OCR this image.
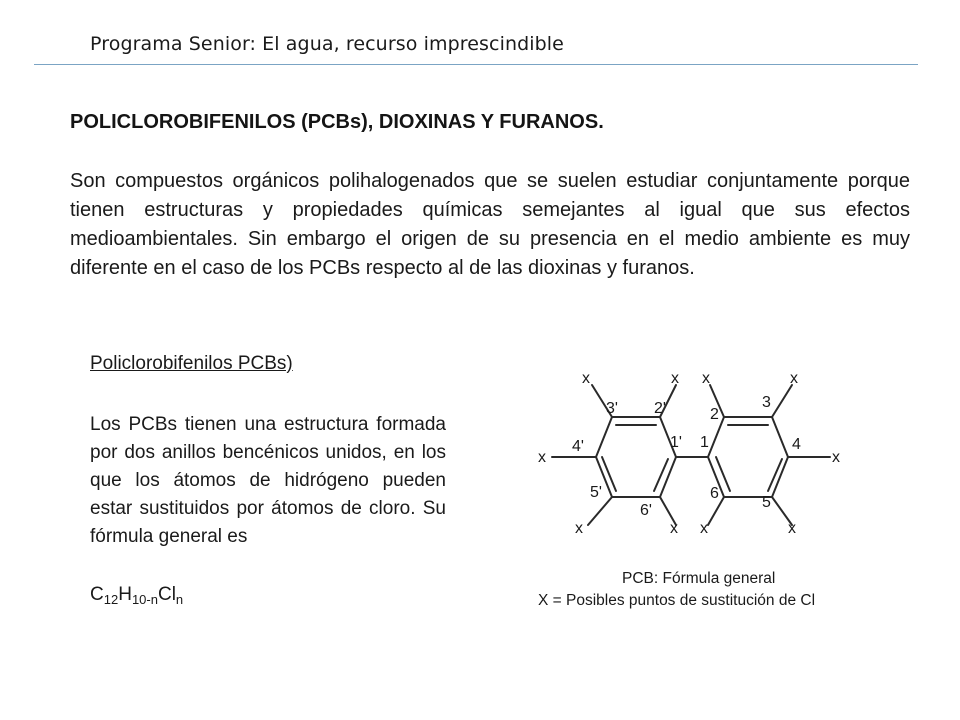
Programa Senior: El agua, recurso imprescindible
POLICLOROBIFENILOS (PCBs), DIOXINAS Y FURANOS.

Son compuestos orgánicos polihalogenados que se suelen estudiar conjuntamente porque tienen estructuras y propiedades químicas semejantes al igual que sus efectos medioambientales. Sin embargo el origen de su presencia en el medio ambiente es muy diferente en el caso de los PCBs respecto al de las dioxinas y furanos.

Policlorobifenilos PCBs)

Los PCBs tienen una estructura formada por dos anillos bencénicos unidos, en los que los átomos de hidrógeno pueden estar sustituidos por átomos de cloro. Su fórmula general es

$C_{12}H_{10-n}Cl_n$
x	x
x
x	x
x	x
x
x	x
2'
3'
4'
5'
6'
1' 1
2
3
4
5
6
PCB: Fórmula general
X = Posibles puntos de sustitución de Cl
